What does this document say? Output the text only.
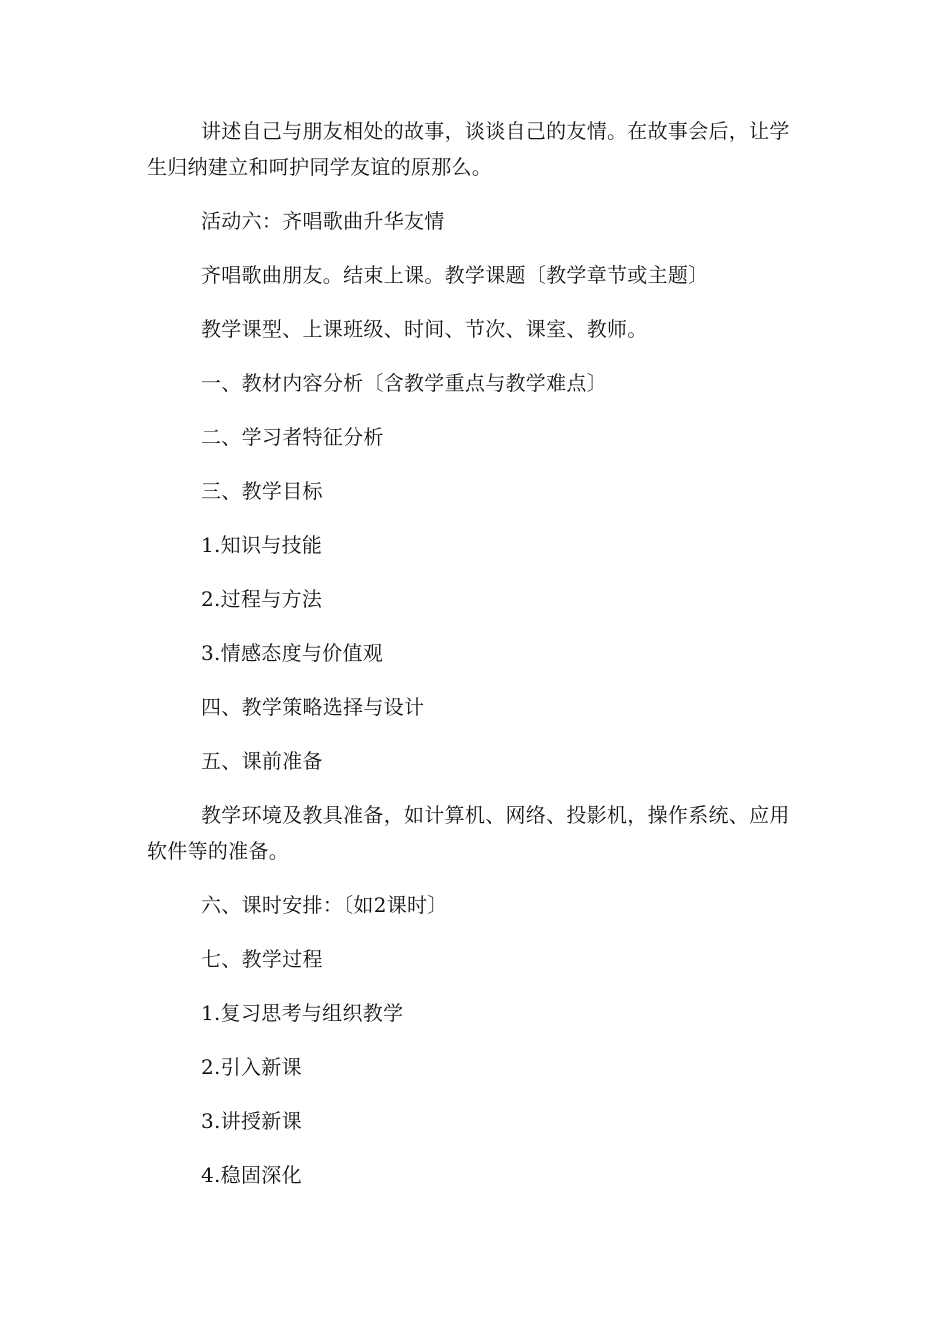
讲述自己与朋友相处的故事，谈谈自己的友情。在故事会后，让学生归纳建立和呵护同学友谊的原那么。

活动六：齐唱歌曲升华友情

齐唱歌曲朋友。结束上课。教学课题〔教学章节或主题〕

教学课型、上课班级、时间、节次、课室、教师。

一、教材内容分析〔含教学重点与教学难点〕

二、学习者特征分析

三、教学目标

1.知识与技能

2.过程与方法

3.情感态度与价值观

四、教学策略选择与设计

五、课前准备

教学环境及教具准备，如计算机、网络、投影机，操作系统、应用软件等的准备。

六、课时安排：〔如2课时〕

七、教学过程

1.复习思考与组织教学

2.引入新课

3.讲授新课

4.稳固深化
